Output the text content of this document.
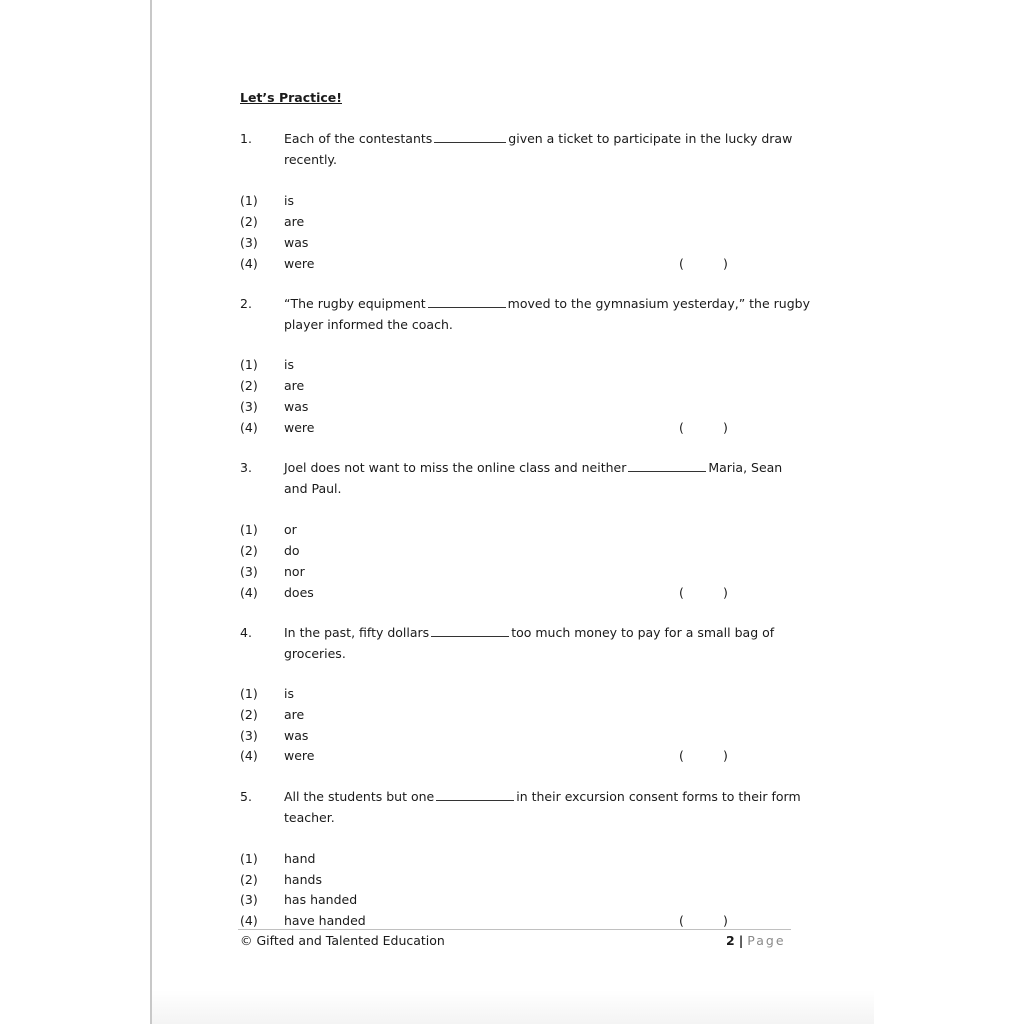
Let’s Practice!
1.	Each of the contestants	given a ticket to participate in the lucky draw
recently.
(1) is
(2) are
(3) was
(4) were	(	)
2.	“The rugby equipment	moved to the gymnasium yesterday,” the rugby
player informed the coach.
(1) is
(2) are
(3) was
(4) were	(	)
3.	Joel does not want to miss the online class and neither	Maria, Sean
and Paul.
(1) or
(2) do
(3) nor
(4) does	(	)
4.	In the past, fifty dollars	too much money to pay for a small bag of
groceries.
(1) is
(2) are
(3) was
(4) were	(	)
5.	All the students but one	in their excursion consent forms to their form
teacher.
(1) hand
(2) hands
(3) has handed
(4) have handed	(	)
© Gifted and Talented Education	2 | Page
